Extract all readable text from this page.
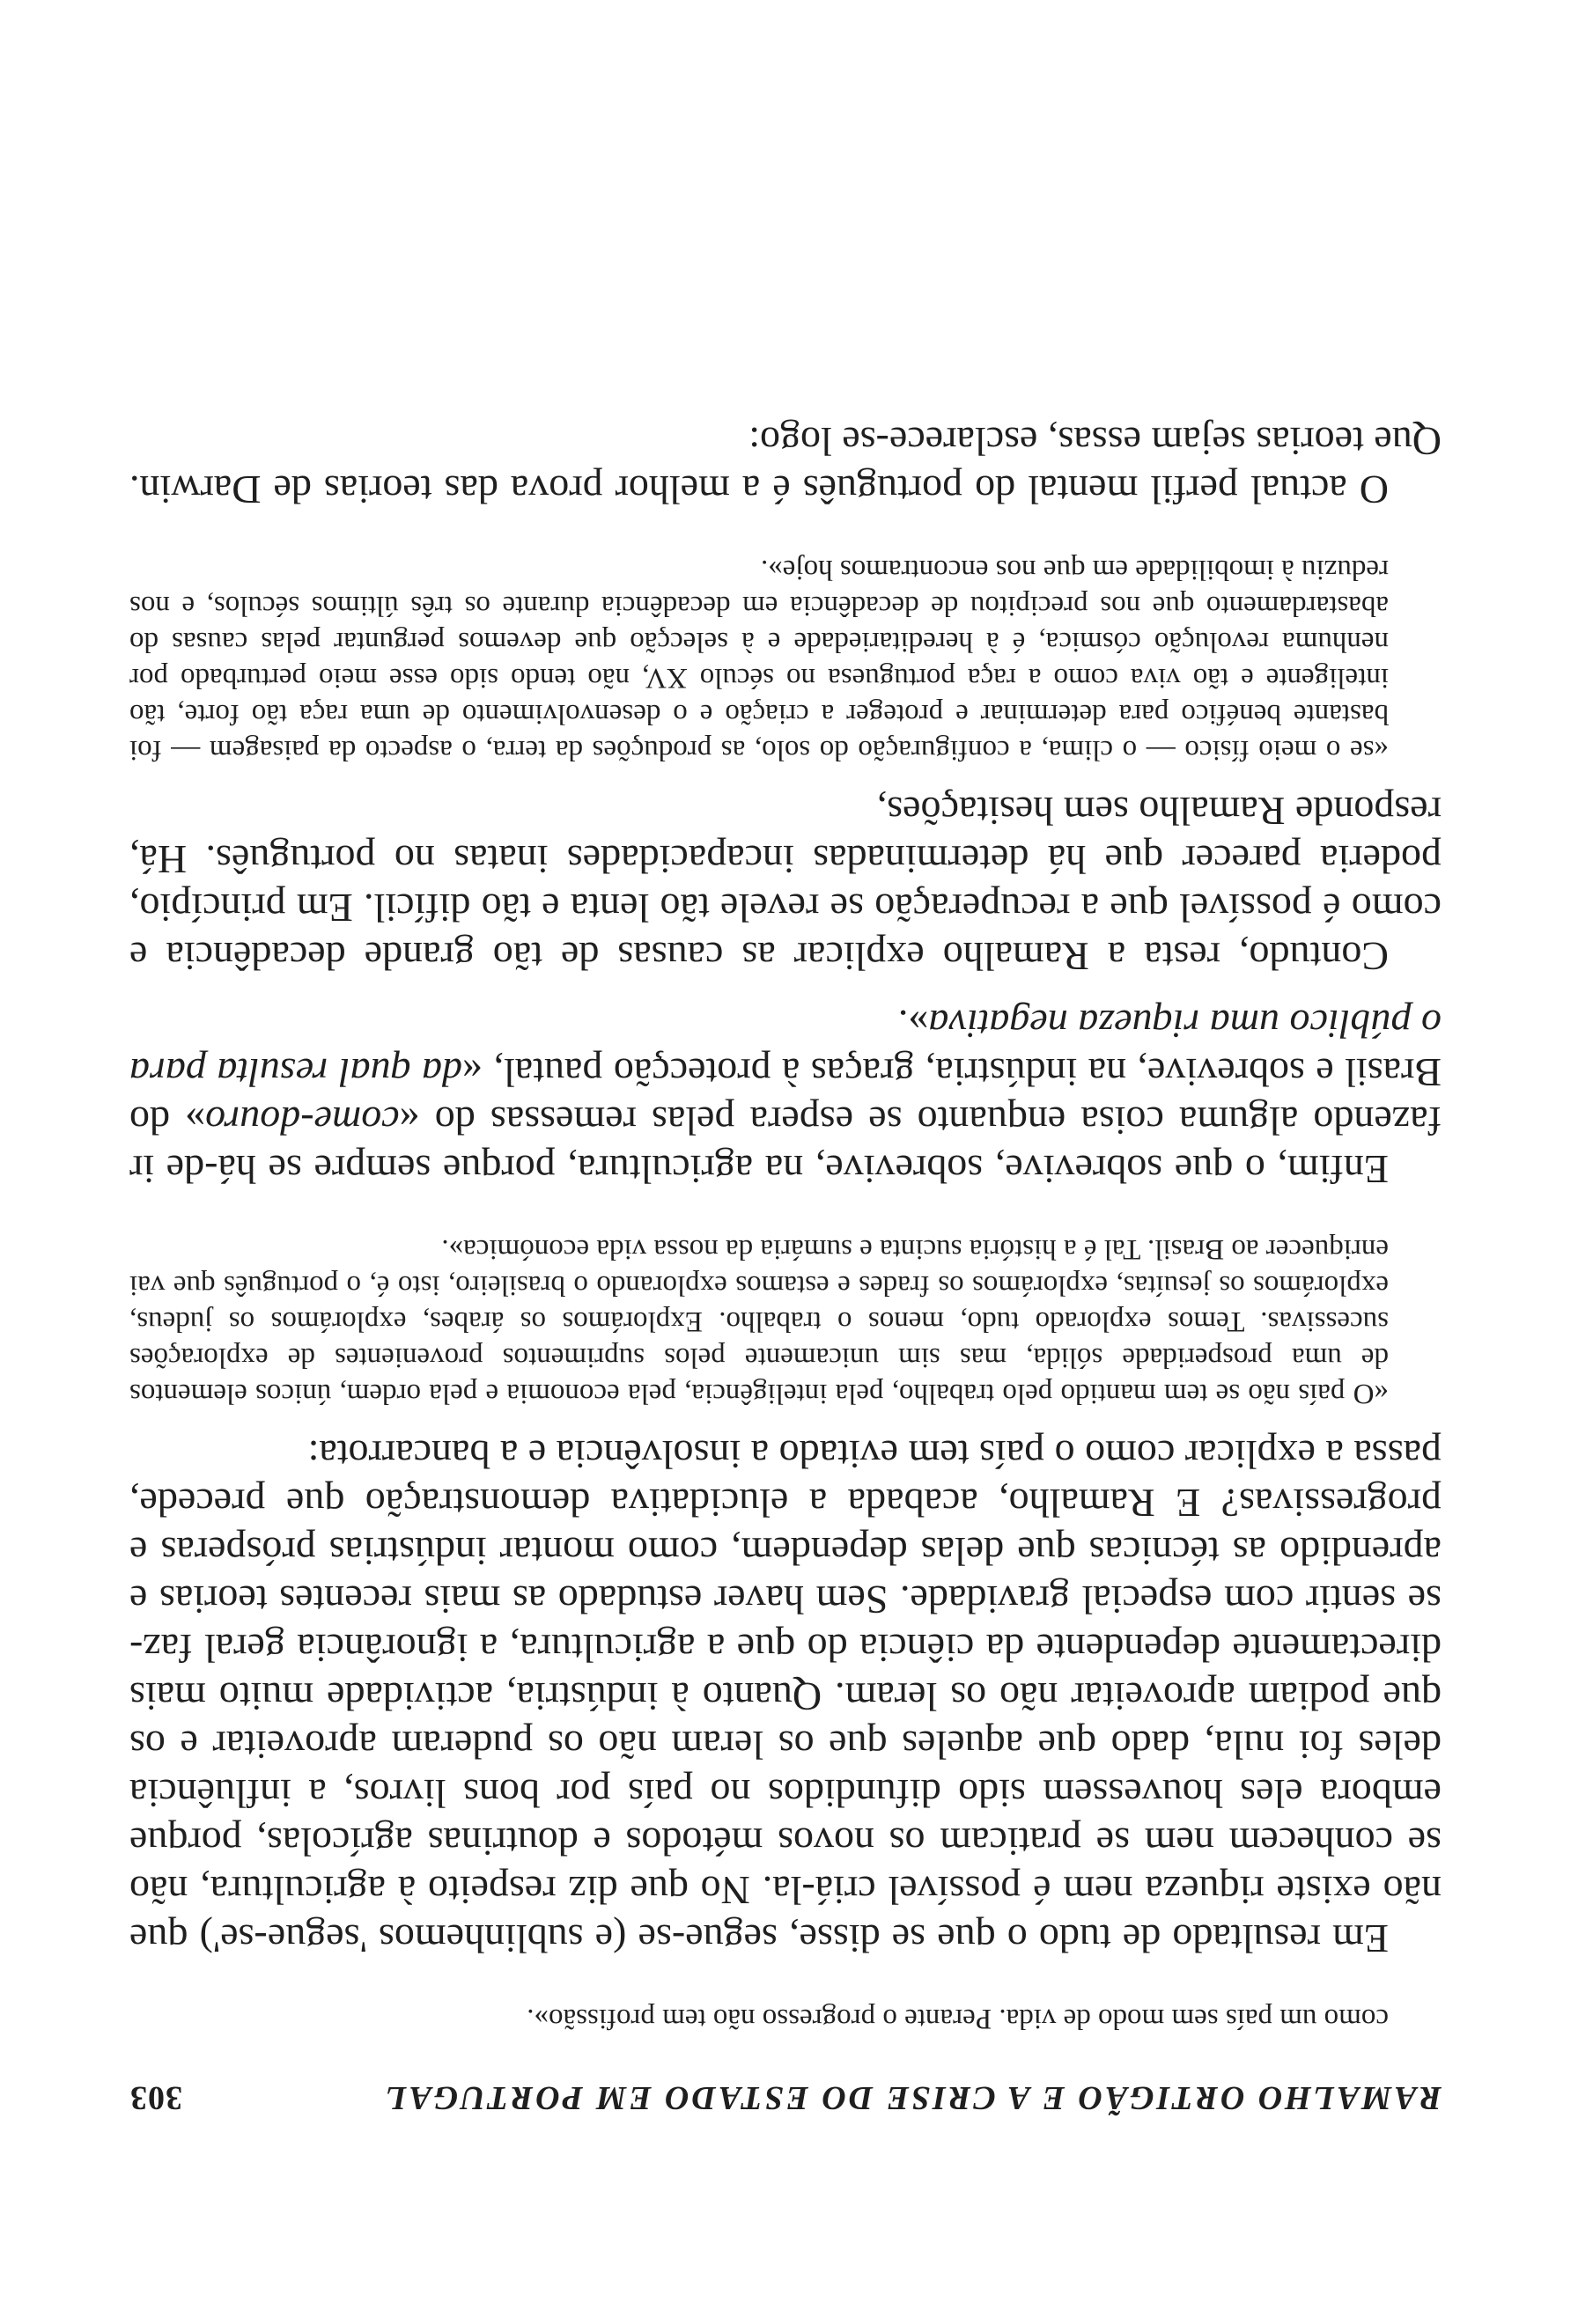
RAMALHO ORTIGÃO E A CRISE DO ESTADO EM PORTUGAL
303

como um país sem modo de vida. Perante o progresso não tem profissão».

Em resultado de tudo o que se disse, segue-se (e sublinhemos 'segue-se') que não existe riqueza nem é possível criá-la. No que diz respeito à agricultura, não se conhecem nem se praticam os novos métodos e doutrinas agrícolas, porque embora eles houvessem sido difundidos no país por bons livros, a influência deles foi nula, dado que aqueles que os leram não os puderam aproveitar e os que podiam aproveitar não os leram. Quanto à indústria, actividade muito mais directamente dependente da ciência do que a agricultura, a ignorância geral faz-se sentir com especial gravidade. Sem haver estudado as mais recentes teorias e aprendido as técnicas que delas dependem, como montar indústrias prósperas e progressivas? E Ramalho, acabada a elucidativa demonstração que precede, passa a explicar como o país tem evitado a insolvência e a bancarrota:

«O país não se tem mantido pelo trabalho, pela inteligência, pela economia e pela ordem, únicos elementos de uma prosperidade sólida, mas sim unicamente pelos suprimentos provenientes de explorações sucessivas. Temos explorado tudo, menos o trabalho. Explorámos os árabes, explorámos os judeus, explorámos os jesuítas, explorámos os frades e estamos explorando o brasileiro, isto é, o português que vai enriquecer ao Brasil. Tal é a história sucinta e sumária da nossa vida económica».

Enfim, o que sobrevive, sobrevive, na agricultura, porque sempre se há-de ir fazendo alguma coisa enquanto se espera pelas remessas do «come-douro» do Brasil e sobrevive, na indústria, graças à protecção pautal, «da qual resulta para o público uma riqueza negativa».

Contudo, resta a Ramalho explicar as causas de tão grande decadência e como é possível que a recuperação se revele tão lenta e tão difícil. Em princípio, poderia parecer que há determinadas incapacidades inatas no português. Há, responde Ramalho sem hesitações,

«se o meio físico — o clima, a configuração do solo, as produções da terra, o aspecto da paisagem — foi bastante benéfico para determinar e proteger a criação e o desenvolvimento de uma raça tão forte, tão inteligente e tão viva como a raça portuguesa no século XV, não tendo sido esse meio perturbado por nenhuma revolução cósmica, é à hereditariedade e à selecção que devemos perguntar pelas causas do abastardamento que nos precipitou de decadência em decadência durante os três últimos séculos, e nos reduziu à imobilidade em que nos encontramos hoje».

O actual perfil mental do português é a melhor prova das teorias de Darwin. Que teorias sejam essas, esclarece-se logo:
